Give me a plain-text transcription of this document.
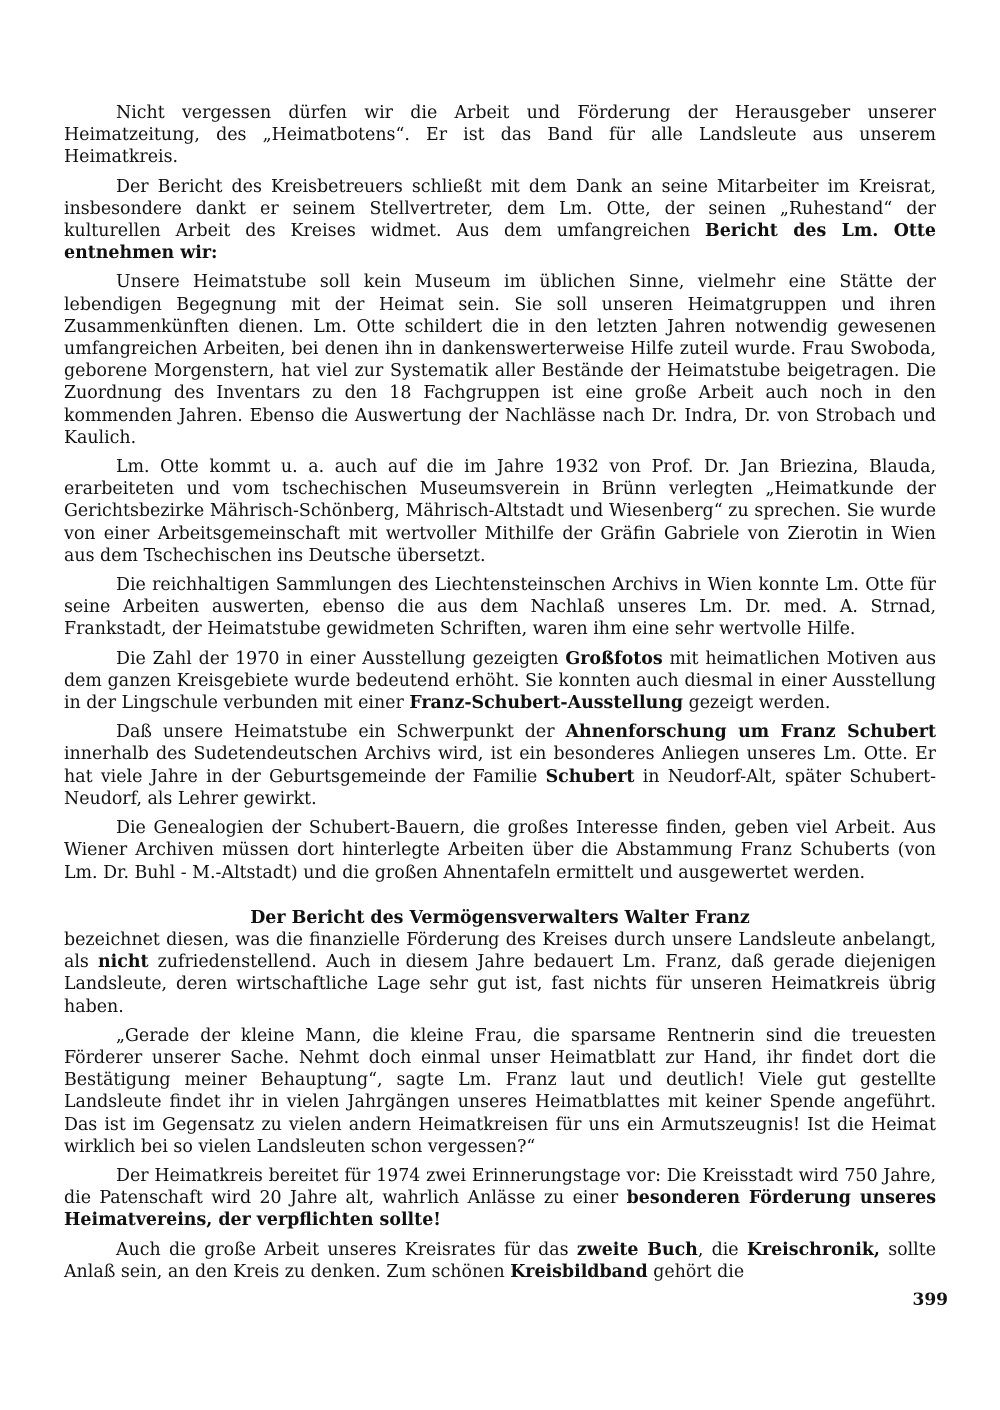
Nicht vergessen dürfen wir die Arbeit und Förderung der Herausgeber unserer Heimatzeitung, des „Heimatbotens“. Er ist das Band für alle Landsleute aus unserem Heimatkreis.

Der Bericht des Kreisbetreuers schließt mit dem Dank an seine Mitarbeiter im Kreisrat, insbesondere dankt er seinem Stellvertreter, dem Lm. Otte, der seinen „Ruhestand“ der kulturellen Arbeit des Kreises widmet. Aus dem umfangreichen Bericht des Lm. Otte entnehmen wir:

Unsere Heimatstube soll kein Museum im üblichen Sinne, vielmehr eine Stätte der lebendigen Begegnung mit der Heimat sein. Sie soll unseren Heimatgruppen und ihren Zusammenkünften dienen. Lm. Otte schildert die in den letzten Jahren notwendig gewesenen umfangreichen Arbeiten, bei denen ihn in dankenswerterweise Hilfe zuteil wurde. Frau Swoboda, geborene Morgenstern, hat viel zur Systematik aller Bestände der Heimatstube beigetragen. Die Zuordnung des Inventars zu den 18 Fachgruppen ist eine große Arbeit auch noch in den kommenden Jahren. Ebenso die Auswertung der Nachlässe nach Dr. Indra, Dr. von Strobach und Kaulich.

Lm. Otte kommt u. a. auch auf die im Jahre 1932 von Prof. Dr. Jan Briezina, Blauda, erarbeiteten und vom tschechischen Museumsverein in Brünn verlegten „Heimatkunde der Gerichtsbezirke Mährisch-Schönberg, Mährisch-Altstadt und Wiesenberg“ zu sprechen. Sie wurde von einer Arbeitsgemeinschaft mit wertvoller Mithilfe der Gräfin Gabriele von Zierotin in Wien aus dem Tschechischen ins Deutsche übersetzt.

Die reichhaltigen Sammlungen des Liechtensteinschen Archivs in Wien konnte Lm. Otte für seine Arbeiten auswerten, ebenso die aus dem Nachlaß unseres Lm. Dr. med. A. Strnad, Frankstadt, der Heimatstube gewidmeten Schriften, waren ihm eine sehr wertvolle Hilfe.

Die Zahl der 1970 in einer Ausstellung gezeigten Großfotos mit heimatlichen Motiven aus dem ganzen Kreisgebiete wurde bedeutend erhöht. Sie konnten auch diesmal in einer Ausstellung in der Lingschule verbunden mit einer Franz-Schubert-Ausstellung gezeigt werden.

Daß unsere Heimatstube ein Schwerpunkt der Ahnenforschung um Franz Schubert innerhalb des Sudetendeutschen Archivs wird, ist ein besonderes Anliegen unseres Lm. Otte. Er hat viele Jahre in der Geburtsgemeinde der Familie Schubert in Neudorf-Alt, später Schubert-Neudorf, als Lehrer gewirkt.

Die Genealogien der Schubert-Bauern, die großes Interesse finden, geben viel Arbeit. Aus Wiener Archiven müssen dort hinterlegte Arbeiten über die Abstammung Franz Schuberts (von Lm. Dr. Buhl - M.-Altstadt) und die großen Ahnentafeln ermittelt und ausgewertet werden.

Der Bericht des Vermögensverwalters Walter Franz

bezeichnet diesen, was die finanzielle Förderung des Kreises durch unsere Landsleute anbelangt, als nicht zufriedenstellend. Auch in diesem Jahre bedauert Lm. Franz, daß gerade diejenigen Landsleute, deren wirtschaftliche Lage sehr gut ist, fast nichts für unseren Heimatkreis übrig haben.

„Gerade der kleine Mann, die kleine Frau, die sparsame Rentnerin sind die treuesten Förderer unserer Sache. Nehmt doch einmal unser Heimatblatt zur Hand, ihr findet dort die Bestätigung meiner Behauptung“, sagte Lm. Franz laut und deutlich! Viele gut gestellte Landsleute findet ihr in vielen Jahrgängen unseres Heimatblattes mit keiner Spende angeführt. Das ist im Gegensatz zu vielen andern Heimatkreisen für uns ein Armutszeugnis! Ist die Heimat wirklich bei so vielen Landsleuten schon vergessen?“

Der Heimatkreis bereitet für 1974 zwei Erinnerungstage vor: Die Kreisstadt wird 750 Jahre, die Patenschaft wird 20 Jahre alt, wahrlich Anlässe zu einer besonderen Förderung unseres Heimatvereins, der verpflichten sollte!

Auch die große Arbeit unseres Kreisrates für das zweite Buch, die Kreischronik, sollte Anlaß sein, an den Kreis zu denken. Zum schönen Kreisbildband gehört die

399
